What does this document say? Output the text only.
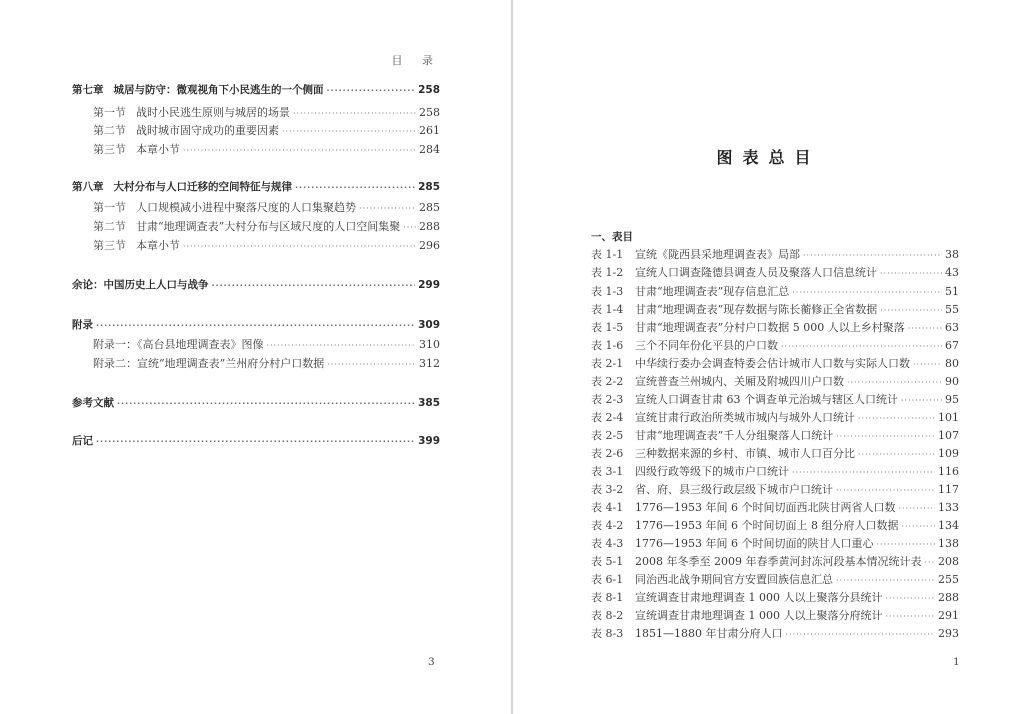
目 录
第七章 城居与防守：微观视角下小民逃生的一个侧面 ·····	258
第一节 战时小民逃生原则与城居的场景 ·····	258
第二节 战时城市固守成功的重要因素 ·····	261
第三节 本章小节 ·····	284
第八章 大村分布与人口迁移的空间特征与规律 ·····	285
第一节 人口规模减小进程中聚落尺度的人口集聚趋势 ·····	285
第二节 甘肃“地理调查表”大村分布与区域尺度的人口空间集聚 ····· 288
第三节 本章小节 ·····	296
余论：中国历史上人口与战争 ·····	299
附录 ·····	309
附录一：《高台县地理调查表》图像 ·····	310
附录二：宣统“地理调查表”兰州府分村户口数据 ·····	312
参考文献 ·····	385
后记 ·····	399
3
图表总目
一、表目
表 1-1 宣统《陇西县采地理调查表》局部 ·····	38
表 1-2 宣统人口调查隆德县调查人员及聚落人口信息统计 ·····	43
表 1-3 甘肃“地理调查表”现存信息汇总 ·····	51
表 1-4 甘肃“地理调查表”现存数据与陈长蘅修正全省数据 ·····	55
表 1-5 甘肃“地理调查表”分村户口数据 5 000 人以上乡村聚落 ·····	63
表 1-6 三个不同年份化平县的户口数 ·····	67
表 2-1 中华续行委办会调查特委会估计城市人口数与实际人口数 ·····	80
表 2-2 宣统普查兰州城内、关厢及附城四川户口数 ·····	90
表 2-3 宣统人口调查甘肃 63 个调查单元治城与辖区人口统计 ·····	95
表 2-4 宣统甘肃行政治所类城市城内与城外人口统计 ·····	101
表 2-5 甘肃“地理调查表”千人分组聚落人口统计 ·····	107
表 2-6 三种数据来源的乡村、市镇、城市人口百分比 ·····	109
表 3-1 四级行政等级下的城市户口统计 ·····	116
表 3-2 省、府、县三级行政层级下城市户口统计 ·····	117
表 4-1 1776—1953 年间 6 个时间切面西北陕甘两省人口数 ·····	133
表 4-2 1776—1953 年间 6 个时间切面上 8 组分府人口数据 ·····	134
表 4-3 1776—1953 年间 6 个时间切面的陕甘人口重心 ·····	138
表 5-1 2008 年冬季至 2009 年春季黄河封冻河段基本情况统计表 ····· 208
表 6-1 同治西北战争期间官方安置回族信息汇总 ·····	255
表 8-1 宣统调查甘肃地理调查 1 000 人以上聚落分县统计 ·····	288
表 8-2 宣统调查甘肃地理调查 1 000 人以上聚落分府统计 ·····	291
表 8-3 1851—1880 年甘肃分府人口 ·····	293
1
